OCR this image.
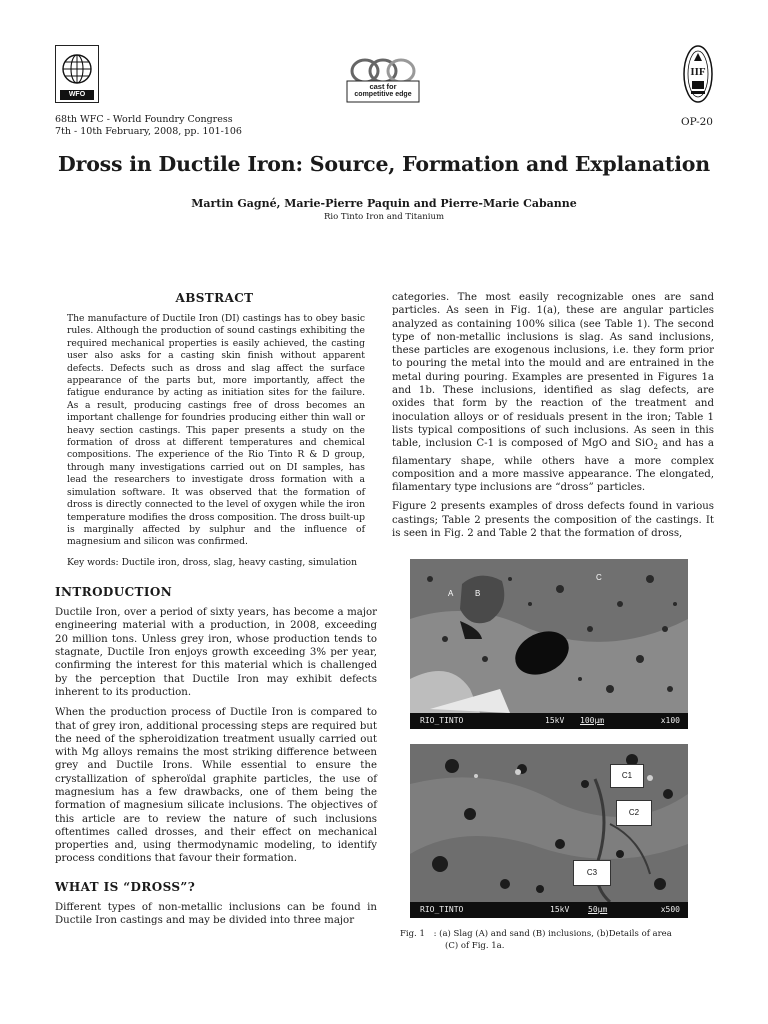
WFO
cast for
competitive edge
IIF
68th WFC - World Foundry Congress
7th - 10th February, 2008, pp. 101-106
OP-20
Dross in Ductile Iron: Source, Formation and Explanation
Martin Gagné, Marie-Pierre Paquin and Pierre-Marie Cabanne
Rio Tinto Iron and Titanium
ABSTRACT

The manufacture of Ductile Iron (DI) castings has to obey basic rules. Although the production of sound castings exhibiting the required mechanical properties is easily achieved, the casting user also asks for a casting skin finish without apparent defects. Defects such as dross and slag affect the surface appearance of the parts but, more importantly, affect the fatigue endurance by acting as initiation sites for the failure. As a result, producing castings free of dross becomes an important challenge for foundries producing either thin wall or heavy section castings. This paper presents a study on the formation of dross at different temperatures and chemical compositions. The experience of the Rio Tinto R & D group, through many investigations carried out on DI samples, has lead the researchers to investigate dross formation with a simulation software. It was observed that the formation of dross is directly connected to the level of oxygen while the iron temperature modifies the dross composition. The dross built-up is marginally affected by sulphur and the influence of magnesium and silicon was confirmed.

Key words: Ductile iron, dross, slag, heavy casting, simulation

INTRODUCTION

Ductile Iron, over a period of sixty years, has become a major engineering material with a production, in 2008, exceeding 20 million tons. Unless grey iron, whose production tends to stagnate, Ductile Iron enjoys growth exceeding 3% per year, confirming the interest for this material which is challenged by the perception that Ductile Iron may exhibit defects inherent to its production.

When the production process of Ductile Iron is compared to that of grey iron, additional processing steps are required but the need of the spheroidization treatment usually carried out with Mg alloys remains the most striking difference between grey and Ductile Irons. While essential to ensure the crystallization of spheroïdal graphite particles, the use of magnesium has a few drawbacks, one of them being the formation of magnesium silicate inclusions. The objectives of this article are to review the nature of such inclusions oftentimes called drosses, and their effect on mechanical properties and, using thermodynamic modeling, to identify process conditions that favour their formation.

WHAT IS “DROSS”?

Different types of non-metallic inclusions can be found in Ductile Iron castings and may be divided into three major

categories. The most easily recognizable ones are sand particles. As seen in Fig. 1(a), these are angular particles analyzed as containing 100% silica (see Table 1). The second type of non-metallic inclusions is slag. As sand inclusions, these particles are exogenous inclusions, i.e. they form prior to pouring the metal into the mould and are entrained in the metal during pouring. Examples are presented in Figures 1a and 1b. These inclusions, identified as slag defects, are oxides that form by the reaction of the treatment and inoculation alloys or of residuals present in the iron; Table 1 lists typical compositions of such inclusions. As seen in this table, inclusion C-1 is composed of MgO and SiO$_2$ and has a filamentary shape, while others have a more complex composition and a more massive appearance. The elongated, filamentary type inclusions are “dross” particles.

Figure 2 presents examples of dross defects found in various castings; Table 2 presents the composition of the castings. It is seen in Fig. 2 and Table 2 that the formation of dross,

A	B
C
RIO_TINTO	15kV 100µm	x100
C1
C2
C3
RIO_TINTO	15kV 50µm	x500
Fig. 1 : (a) Slag (A) and sand (B) inclusions, (b)Details of area
(C) of Fig. 1a.
